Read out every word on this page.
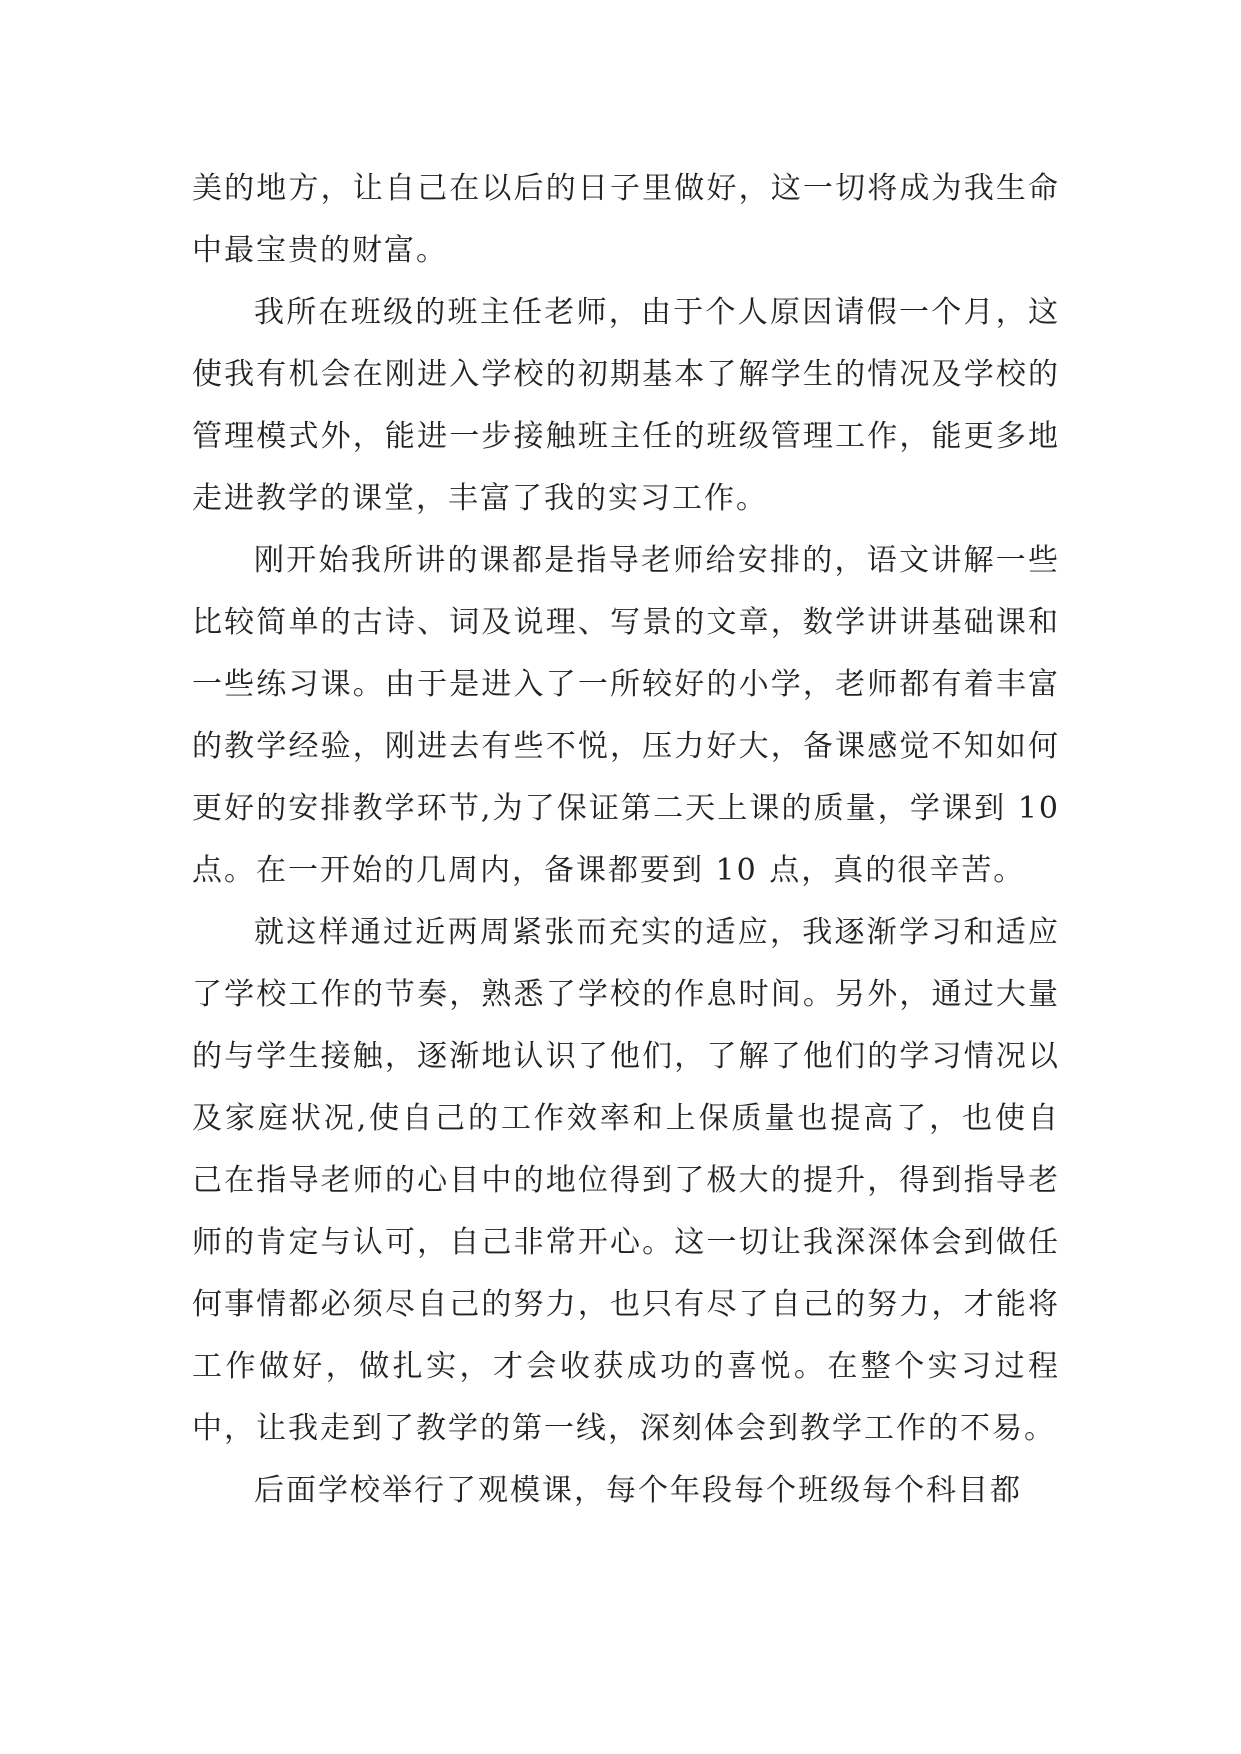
美的地方，让自己在以后的日子里做好，这一切将成为我生命中最宝贵的财富。

我所在班级的班主任老师，由于个人原因请假一个月，这使我有机会在刚进入学校的初期基本了解学生的情况及学校的管理模式外，能进一步接触班主任的班级管理工作，能更多地走进教学的课堂，丰富了我的实习工作。

刚开始我所讲的课都是指导老师给安排的，语文讲解一些比较简单的古诗、词及说理、写景的文章，数学讲讲基础课和一些练习课。由于是进入了一所较好的小学，老师都有着丰富的教学经验，刚进去有些不悦，压力好大，备课感觉不知如何更好的安排教学环节,为了保证第二天上课的质量，学课到 10 点。在一开始的几周内，备课都要到 10 点，真的很辛苦。

就这样通过近两周紧张而充实的适应，我逐渐学习和适应了学校工作的节奏，熟悉了学校的作息时间。另外，通过大量的与学生接触，逐渐地认识了他们，了解了他们的学习情况以及家庭状况,使自己的工作效率和上保质量也提高了，也使自己在指导老师的心目中的地位得到了极大的提升，得到指导老师的肯定与认可，自己非常开心。这一切让我深深体会到做任何事情都必须尽自己的努力，也只有尽了自己的努力，才能将工作做好，做扎实，才会收获成功的喜悦。在整个实习过程中，让我走到了教学的第一线，深刻体会到教学工作的不易。

后面学校举行了观模课，每个年段每个班级每个科目都
